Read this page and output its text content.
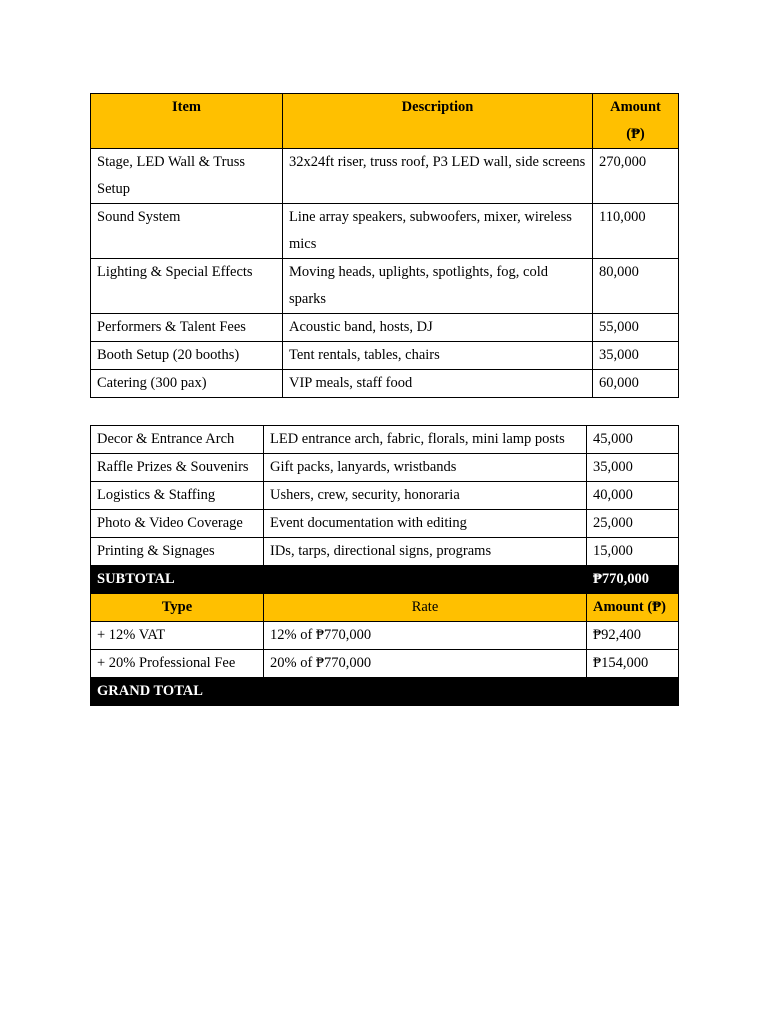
Item	Description	Amount
(₱)
Stage, LED Wall & Truss Setup	32x24ft riser, truss roof, P3 LED wall, side screens	270,000
Sound System	Line array speakers, subwoofers, mixer, wireless mics	110,000
Lighting & Special Effects	Moving heads, uplights, spotlights, fog, cold sparks	80,000
Performers & Talent Fees	Acoustic band, hosts, DJ	55,000
Booth Setup (20 booths)	Tent rentals, tables, chairs	35,000
Catering (300 pax)	VIP meals, staff food	60,000
Decor & Entrance Arch	LED entrance arch, fabric, florals, mini lamp posts	45,000
Raffle Prizes & Souvenirs	Gift packs, lanyards, wristbands	35,000
Logistics & Staffing	Ushers, crew, security, honoraria	40,000
Photo & Video Coverage	Event documentation with editing	25,000
Printing & Signages	IDs, tarps, directional signs, programs	15,000
SUBTOTAL		₱770,000
Type	Rate	Amount (₱)
+ 12% VAT	12% of ₱770,000	₱92,400
+ 20% Professional Fee	20% of ₱770,000	₱154,000
GRAND TOTAL		
